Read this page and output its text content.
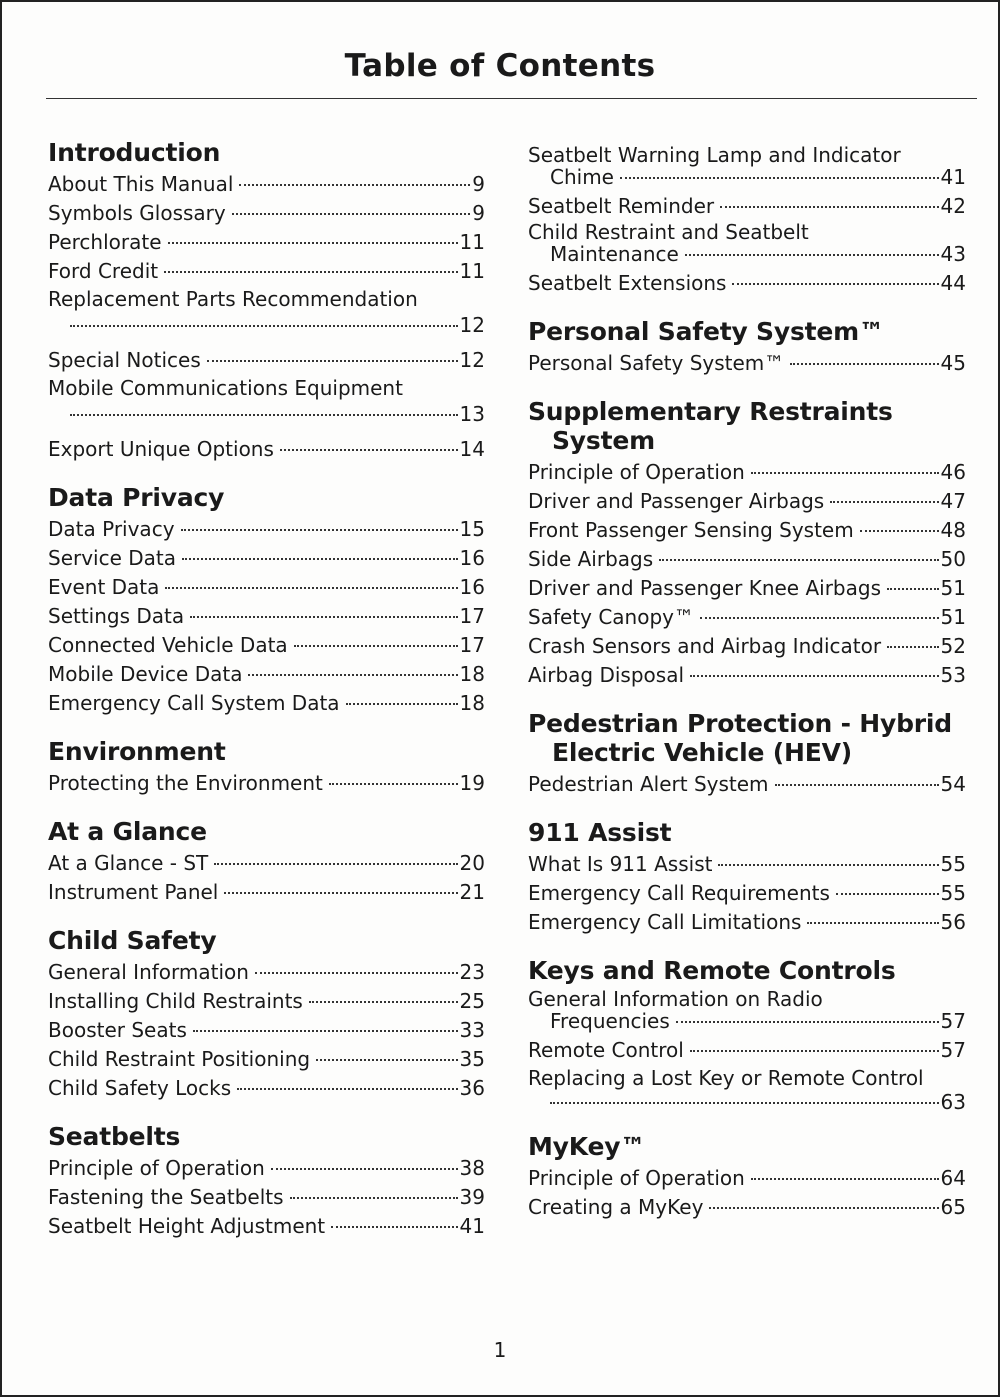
Table of Contents
Introduction
About This Manual	9
Symbols Glossary	9
Perchlorate	11
Ford Credit	11
Replacement Parts Recommendation
12
Special Notices	12
Mobile Communications Equipment
13
Export Unique Options	14
Data Privacy
Data Privacy	15
Service Data	16
Event Data	16
Settings Data	17
Connected Vehicle Data	17
Mobile Device Data	18
Emergency Call System Data	18
Environment
Protecting the Environment	19
At a Glance
At a Glance - ST	20
Instrument Panel	21
Child Safety
General Information	23
Installing Child Restraints	25
Booster Seats	33
Child Restraint Positioning	35
Child Safety Locks	36
Seatbelts
Principle of Operation	38
Fastening the Seatbelts	39
Seatbelt Height Adjustment	41
Seatbelt Warning Lamp and Indicator
Chime	41
Seatbelt Reminder	42
Child Restraint and Seatbelt
Maintenance	43
Seatbelt Extensions	44
Personal Safety System™
Personal Safety System™	45
Supplementary Restraints
System
Principle of Operation	46
Driver and Passenger Airbags	47
Front Passenger Sensing System	48
Side Airbags	50
Driver and Passenger Knee Airbags	51
Safety Canopy™	51
Crash Sensors and Airbag Indicator	52
Airbag Disposal	53
Pedestrian Protection - Hybrid
Electric Vehicle (HEV)
Pedestrian Alert System	54
911 Assist
What Is 911 Assist	55
Emergency Call Requirements	55
Emergency Call Limitations	56
Keys and Remote Controls
General Information on Radio
Frequencies	57
Remote Control	57
Replacing a Lost Key or Remote Control
63
MyKey™
Principle of Operation	64
Creating a MyKey	65
1
